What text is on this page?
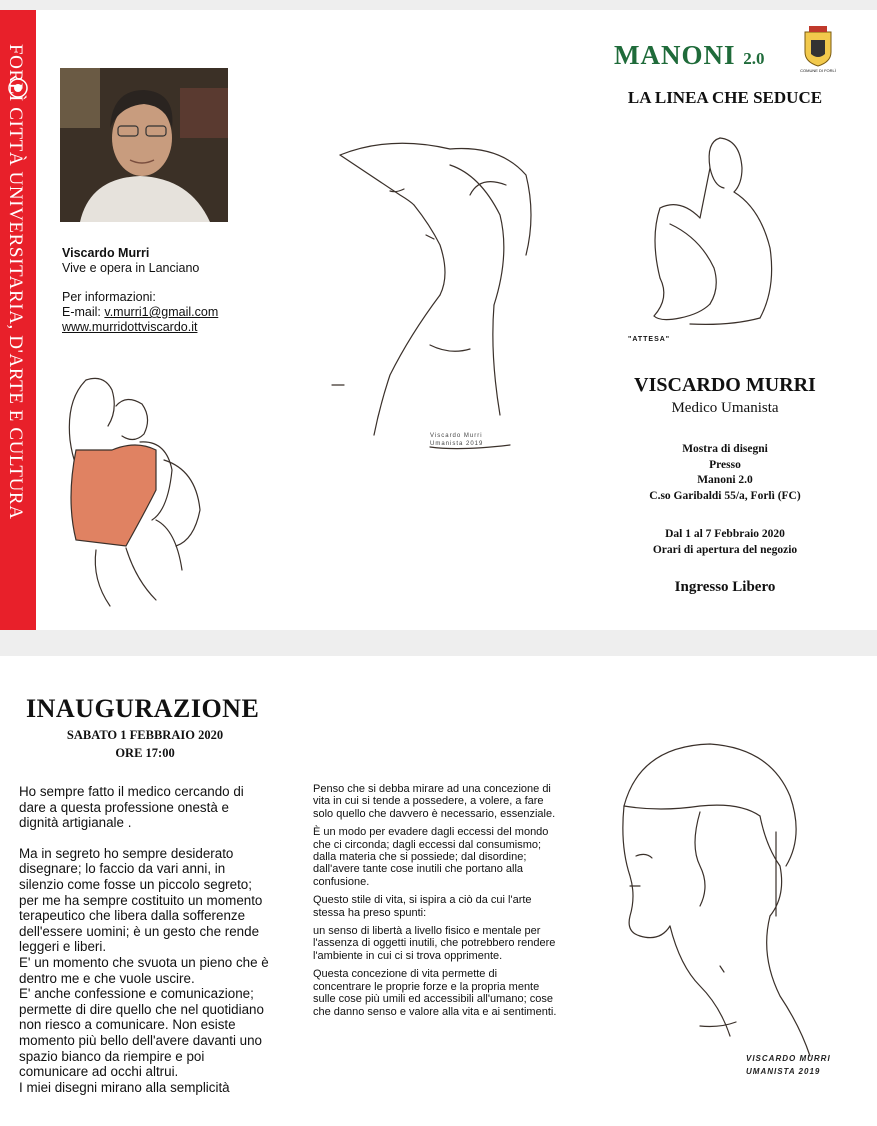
FORLÌ CITTÀ UNIVERSITARIA, D'ARTE E CULTURA	Viscardo Murri
Vive e opera in Lanciano
Per informazioni:
E-mail: v.murri1@gmail.com
www.murridottviscardo.it
MANONI 2.0
COMUNE DI FORLÌ
LA LINEA CHE SEDUCE
"ATTESA"
VISCARDO MURRI
Medico Umanista
Mostra di disegni
Presso
Manoni 2.0
C.so Garibaldi 55/a, Forlì (FC)
Dal 1 al 7 Febbraio 2020
Orari di apertura del negozio
Ingresso Libero
Viscardo Murri
Umanista 2019
INAUGURAZIONE
SABATO 1 FEBBRAIO 2020
ORE 17:00

Ho sempre fatto il medico cercando di dare a questa professione onestà e dignità artigianale .

Ma in segreto ho sempre desiderato disegnare; lo faccio da vari anni, in silenzio come fosse un piccolo segreto; per me ha sempre costituito un momento terapeutico che libera dalla sofferenze dell'essere uomini; è un gesto che rende leggeri e liberi.

E' un momento che svuota un pieno che è dentro me e che vuole uscire.

E' anche confessione e comunicazione; permette di dire quello che nel quotidiano non riesco a comunicare. Non esiste momento più bello dell'avere davanti uno spazio bianco da riempire e poi comunicare ad occhi altrui.

I miei disegni mirano alla semplicità

Penso che si debba mirare ad una concezione di vita in cui si tende a possedere, a volere, a fare solo quello che davvero è necessario, essenziale.

È un modo per evadere dagli eccessi del mondo che ci circonda; dagli eccessi dal consumismo; dalla materia che si possiede; dal disordine; dall'avere tante cose inutili che portano alla confusione.

Questo stile di vita, si ispira a ciò da cui l'arte stessa ha preso spunti:

un senso di libertà a livello fisico e mentale per l'assenza di oggetti inutili, che potrebbero rendere l'ambiente in cui ci si trova opprimente.

Questa concezione di vita permette di concentrare le proprie forze e la propria mente sulle cose più umili ed accessibili all'umano; cose che danno senso e valore alla vita e ai sentimenti.

VISCARDO MURRI
UMANISTA 2019
